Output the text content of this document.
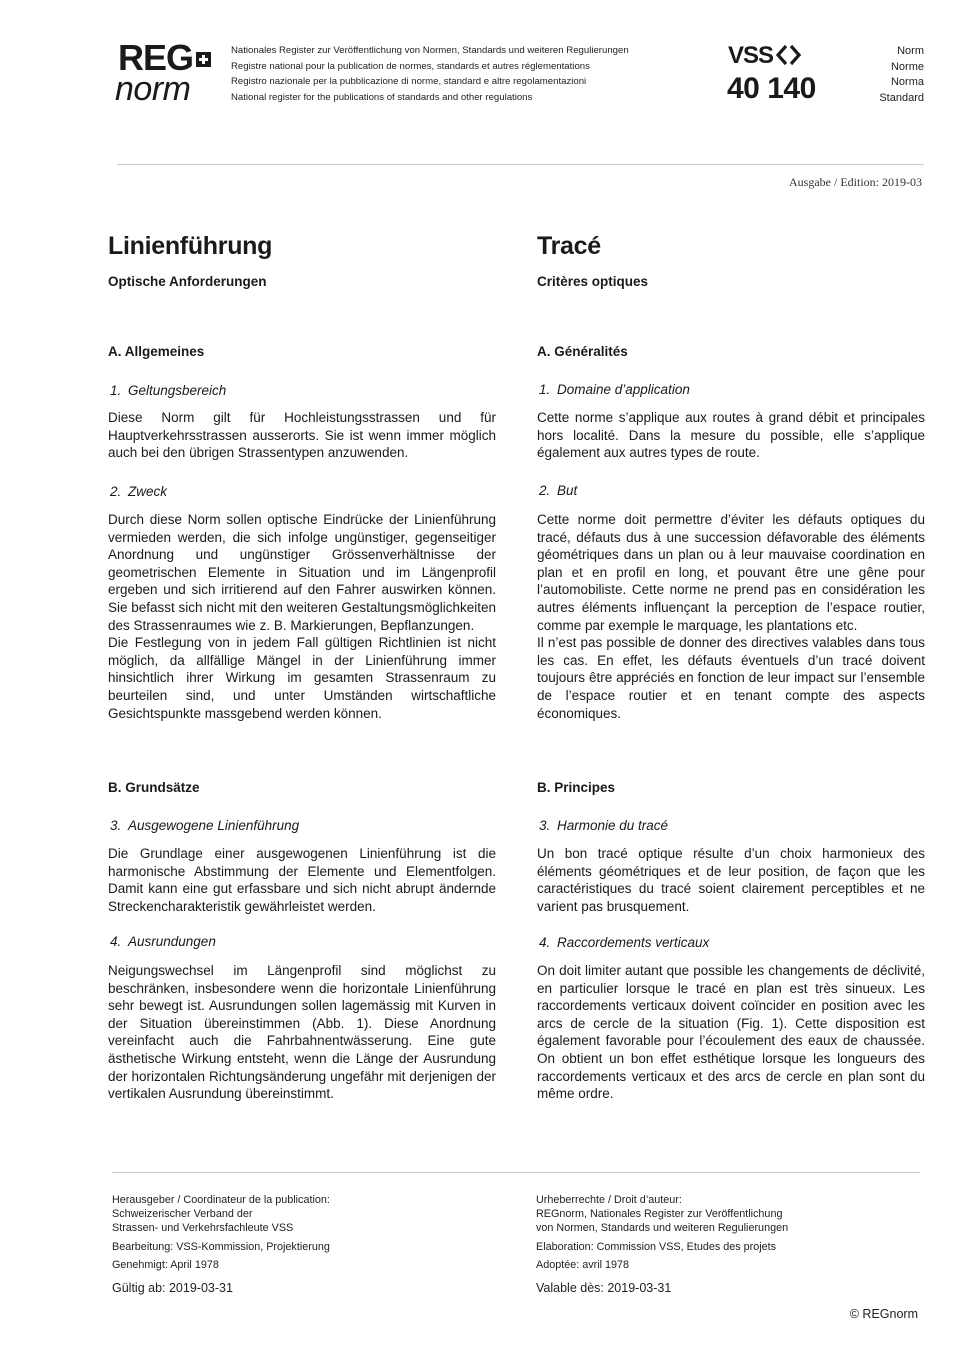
REG
norm
Nationales Register zur Veröffentlichung von Normen, Standards und weiteren Regulierungen
Registre national pour la publication de normes, standards et autres réglementations
Registro nazionale per la pubblicazione di norme, standard e altre regolamentazioni
National register for the publications of standards and other regulations
VSS
40 140
Norm
Norme
Norma
Standard
Ausgabe / Edition: 2019-03
Linienführung
Optische Anforderungen
A. Allgemeines
1. Geltungsbereich
Diese Norm gilt für Hochleistungsstrassen und für Hauptverkehrsstrassen ausserorts. Sie ist wenn immer möglich auch bei den übrigen Strassentypen anzuwenden.
2. Zweck

Durch diese Norm sollen optische Eindrücke der Linienführung vermieden werden, die sich infolge ungünstiger, gegenseitiger Anordnung und ungünstiger Grössenverhältnisse der geometrischen Elemente in Situation und im Längenprofil ergeben und sich irritierend auf den Fahrer auswirken können. Sie befasst sich nicht mit den weiteren Gestaltungsmöglichkeiten des Strassenraumes wie z. B. Markierungen, Bepflanzungen.

Die Festlegung von in jedem Fall gültigen Richtlinien ist nicht möglich, da allfällige Mängel in der Linienführung immer hinsichtlich ihrer Wirkung im gesamten Strassenraum zu beurteilen sind, und unter Umständen wirtschaftliche Gesichtspunkte massgebend werden können.

B. Grundsätze
3. Ausgewogene Linienführung
Die Grundlage einer ausgewogenen Linienführung ist die harmonische Abstimmung der Elemente und Elementfolgen. Damit kann eine gut erfassbare und sich nicht abrupt ändernde Streckencharakteristik gewährleistet werden.
4. Ausrundungen
Neigungswechsel im Längenprofil sind möglichst zu beschränken, insbesondere wenn die horizontale Linienführung sehr bewegt ist. Ausrundungen sollen lagemässig mit Kurven in der Situation übereinstimmen (Abb. 1). Diese Anordnung vereinfacht auch die Fahrbahnentwässerung. Eine gute ästhetische Wirkung entsteht, wenn die Länge der Ausrundung der horizontalen Richtungsänderung ungefähr mit derjenigen der vertikalen Ausrundung übereinstimmt.
Tracé
Critères optiques
A. Généralités
1. Domaine d’application
Cette norme s’applique aux routes à grand débit et principales hors localité. Dans la mesure du possible, elle s’applique également aux autres types de route.
2. But

Cette norme doit permettre d’éviter les défauts optiques du tracé, défauts dus à une succession défavorable des éléments géométriques dans un plan ou à leur mauvaise coordination en plan et en profil en long, et pouvant être une gêne pour l’automobiliste. Cette norme ne prend pas en considération les autres éléments influençant la perception de l’espace routier, comme par exemple le marquage, les plantations etc.

Il n’est pas possible de donner des directives valables dans tous les cas. En effet, les défauts éventuels d’un tracé doivent toujours être appréciés en fonction de leur impact sur l’ensemble de l’espace routier et en tenant compte des aspects économiques.

B. Principes
3. Harmonie du tracé
Un bon tracé optique résulte d’un choix harmonieux des éléments géométriques et de leur position, de façon que les caractéristiques du tracé soient clairement perceptibles et ne varient pas brusquement.
4. Raccordements verticaux
On doit limiter autant que possible les changements de déclivité, en particulier lorsque le tracé en plan est très sinueux. Les raccordements verticaux doivent coïncider en position avec les arcs de cercle de la situation (Fig. 1). Cette disposition est également favorable pour l’écoulement des eaux de chaussée. On obtient un bon effet esthétique lorsque les longueurs des raccordements verticaux et des arcs de cercle en plan sont du même ordre.
Herausgeber / Coordinateur de la publication:
Schweizerischer Verband der
Strassen- und Verkehrsfachleute VSS
Bearbeitung: VSS-Kommission, Projektierung
Genehmigt: April 1978
Gültig ab: 2019-03-31
Urheberrechte / Droit d’auteur:
REGnorm, Nationales Register zur Veröffentlichung
von Normen, Standards und weiteren Regulierungen
Elaboration: Commission VSS, Etudes des projets
Adoptée: avril 1978
Valable dès: 2019-03-31
© REGnorm
